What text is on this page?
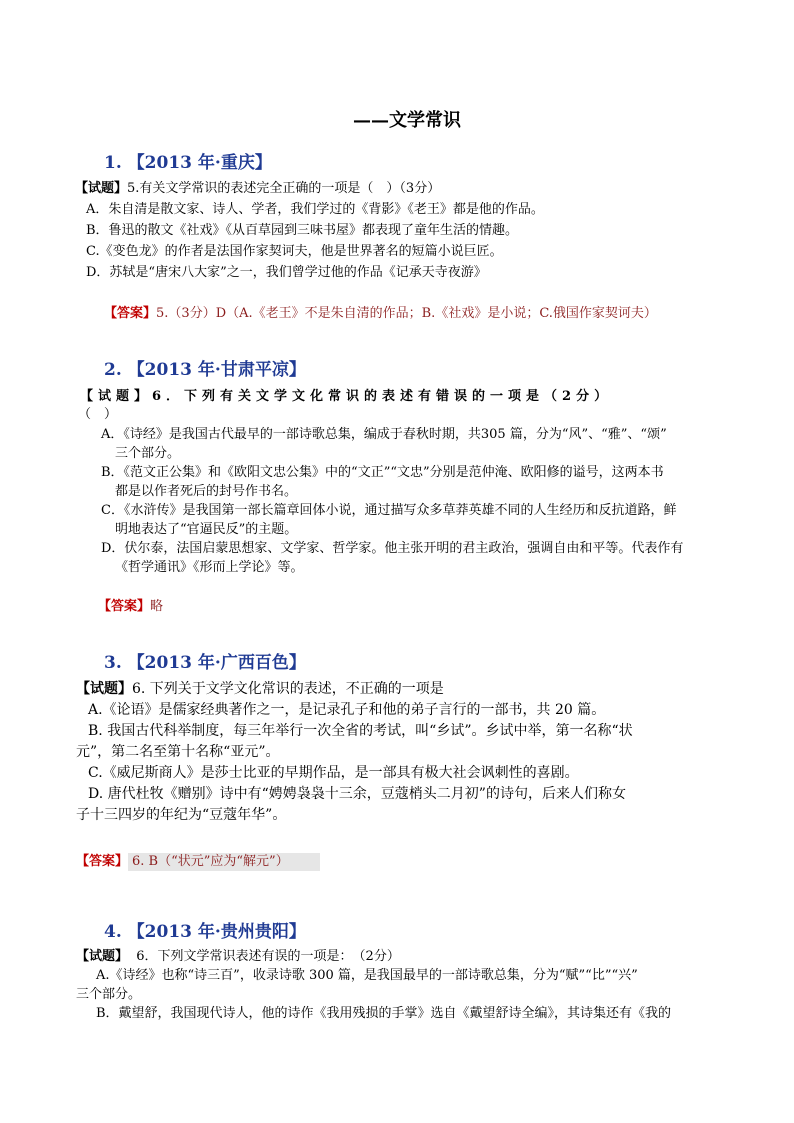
——文学常识
1. 【2013 年·重庆】
【试题】5.有关文学常识的表述完全正确的一项是（　）（3分）
A．朱自清是散文家、诗人、学者，我们学过的《背影》《老王》都是他的作品。
B．鲁迅的散文《社戏》《从百草园到三味书屋》都表现了童年生活的情趣。
C.《变色龙》的作者是法国作家契诃夫，他是世界著名的短篇小说巨匠。
D．苏轼是“唐宋八大家”之一，我们曾学过他的作品《记承天寺夜游》
【答案】5.（3分）D（A.《老王》不是朱自清的作品；B.《社戏》是小说；C.俄国作家契诃夫）
2. 【2013 年·甘肃平凉】
【试题】6．下列有关文学文化常识的表述有错误的一项是（2分）
（　）
A．《诗经》是我国古代最早的一部诗歌总集，编成于春秋时期，共305 篇，分为“风”、“雅”、“颂”
三个部分。
B．《范文正公集》和《欧阳文忠公集》中的“文正”“文忠”分别是范仲淹、欧阳修的谥号，这两本书
都是以作者死后的封号作书名。
C．《水浒传》是我国第一部长篇章回体小说，通过描写众多草莽英雄不同的人生经历和反抗道路，鲜
明地表达了“官逼民反”的主题。
D．伏尔泰，法国启蒙思想家、文学家、哲学家。他主张开明的君主政治，强调自由和平等。代表作有
《哲学通讯》《形而上学论》等。
【答案】略
3. 【2013 年·广西百色】
【试题】6. 下列关于文学文化常识的表述，不正确的一项是
A.《论语》是儒家经典著作之一，是记录孔子和他的弟子言行的一部书，共 20 篇。
B. 我国古代科举制度，每三年举行一次全省的考试，叫“乡试”。乡试中举，第一名称“状
元”，第二名至第十名称“亚元”。
C.《威尼斯商人》是莎士比亚的早期作品，是一部具有极大社会讽刺性的喜剧。
D. 唐代杜牧《赠别》诗中有“娉娉袅袅十三余，豆蔻梢头二月初”的诗句，后来人们称女
子十三四岁的年纪为“豆蔻年华”。
【答案】 6. B（“状元”应为“解元”）
4. 【2013 年·贵州贵阳】
【试题】 6．下列文学常识表述有误的一项是：　（2分）
A.《诗经》也称“诗三百”，收录诗歌 300 篇，是我国最早的一部诗歌总集，分为“赋”“比”“兴”
三个部分。
B．戴望舒，我国现代诗人，他的诗作《我用残损的手掌》选自《戴望舒诗全编》，其诗集还有《我的
